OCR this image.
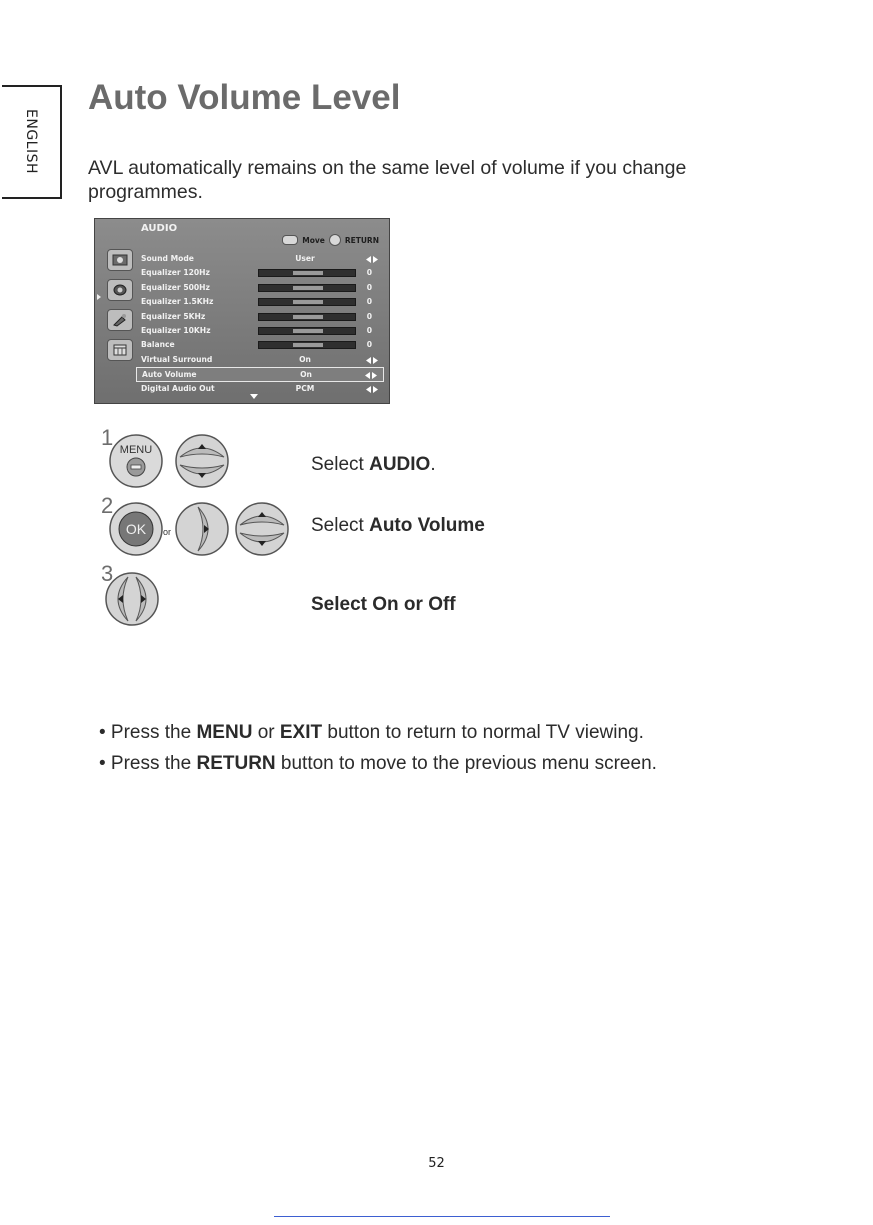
ENGLISH
Auto Volume Level
AVL automatically remains on the same level of volume if you change programmes.
AUDIO
Move	RETURN
Sound Mode	User
Equalizer 120Hz	0
Equalizer 500Hz	0
Equalizer 1.5KHz	0
Equalizer 5KHz	0
Equalizer 10KHz	0
Balance	0
Virtual Surround	On
Auto Volume	On
Digital Audio Out	PCM
1 MENU
Select AUDIO.
2
OK or	Select Auto Volume
3
Select On or Off
• Press the MENU or EXIT button to return to normal TV viewing.
• Press the RETURN button to move to the previous menu screen.
52
